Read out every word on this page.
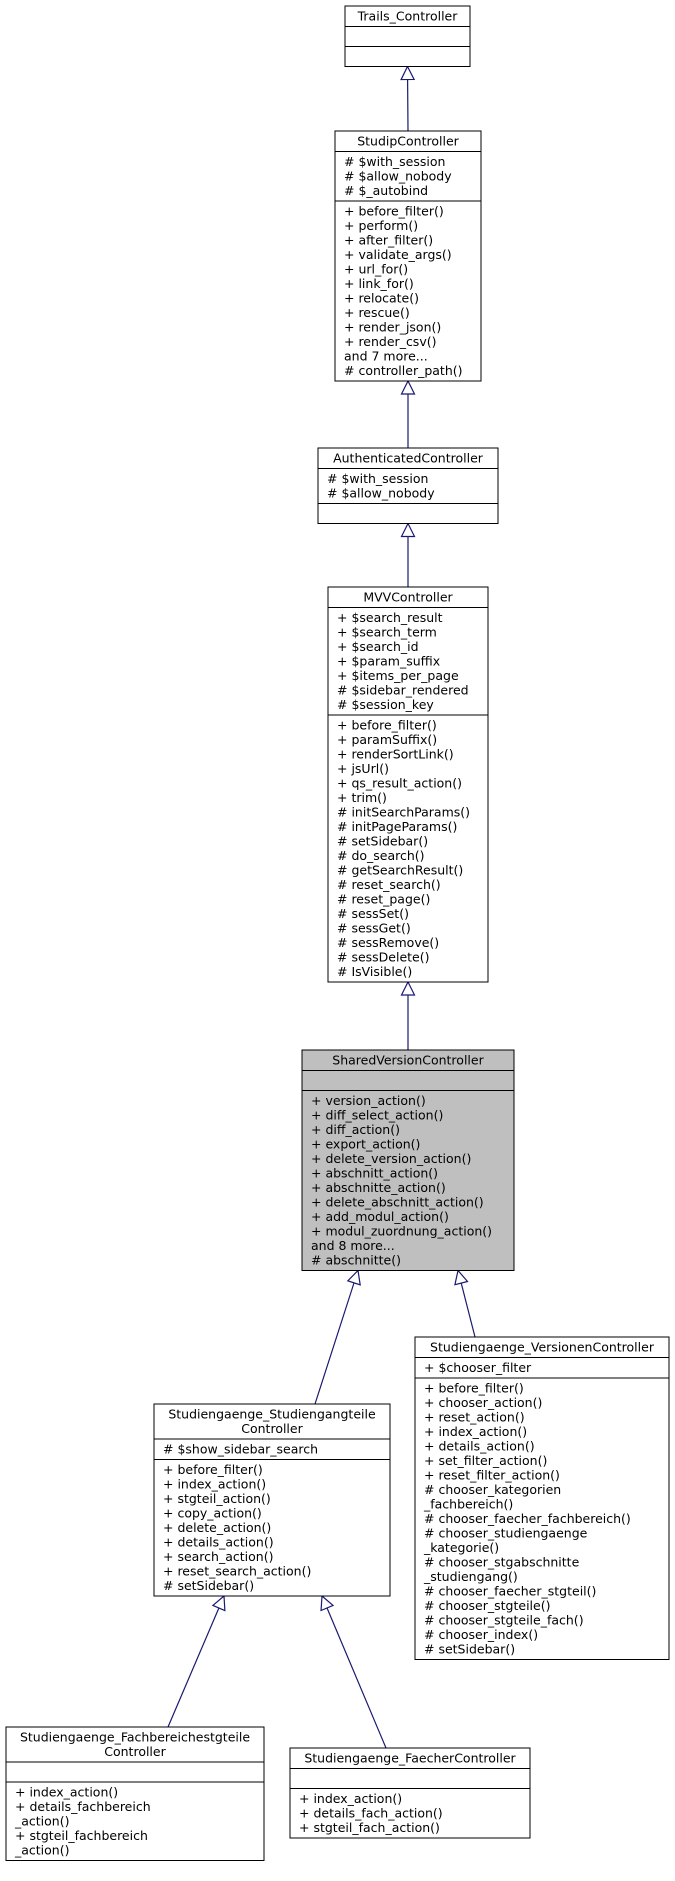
Trails_Controller
StudipController
# $with_session
# $allow_nobody
# $_autobind
+ before_filter()
+ perform()
+ after_filter()
+ validate_args()
+ url_for()
+ link_for()
+ relocate()
+ rescue()
+ render_json()
+ render_csv()
and 7 more...
# controller_path()
AuthenticatedController
# $with_session
# $allow_nobody
MVVController
+ $search_result
+ $search_term
+ $search_id
+ $param_suffix
+ $items_per_page
# $sidebar_rendered
# $session_key
+ before_filter()
+ paramSuffix()
+ renderSortLink()
+ jsUrl()
+ qs_result_action()
+ trim()
# initSearchParams()
# initPageParams()
# setSidebar()
# do_search()
# getSearchResult()
# reset_search()
# reset_page()
# sessSet()
# sessGet()
# sessRemove()
# sessDelete()
# IsVisible()
SharedVersionController
+ version_action()
+ diff_select_action()
+ diff_action()
+ export_action()
+ delete_version_action()
+ abschnitt_action()
+ abschnitte_action()
+ delete_abschnitt_action()
+ add_modul_action()
+ modul_zuordnung_action()
and 8 more...
# abschnitte()
Studiengaenge_Studiengangteile
Controller
# $show_sidebar_search
+ before_filter()
+ index_action()
+ stgteil_action()
+ copy_action()
+ delete_action()
+ details_action()
+ search_action()
+ reset_search_action()
# setSidebar()
Studiengaenge_VersionenController
+ $chooser_filter
+ before_filter()
+ chooser_action()
+ reset_action()
+ index_action()
+ details_action()
+ set_filter_action()
+ reset_filter_action()
# chooser_kategorien
_fachbereich()
# chooser_faecher_fachbereich()
# chooser_studiengaenge
_kategorie()
# chooser_stgabschnitte
_studiengang()
# chooser_faecher_stgteil()
# chooser_stgteile()
# chooser_stgteile_fach()
# chooser_index()
# setSidebar()
Studiengaenge_Fachbereichestgteile
Controller
+ index_action()
+ details_fachbereich
_action()
+ stgteil_fachbereich
_action()
Studiengaenge_FaecherController
+ index_action()
+ details_fach_action()
+ stgteil_fach_action()
